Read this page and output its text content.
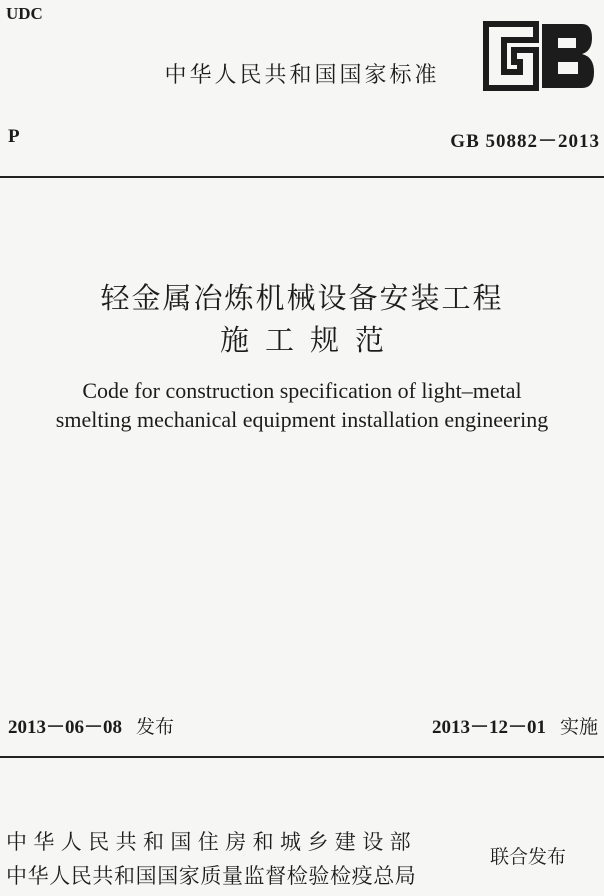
UDC
中华人民共和国国家标准
GB
P	GB 50882－2013
轻金属冶炼机械设备安装工程
施工规范
Code for construction specification of light–metal
smelting mechanical equipment installation engineering
2013－06－08 发布	2013－12－01 实施
中华人民共和国住房和城乡建设部
中华人民共和国国家质量监督检验检疫总局
联合发布
